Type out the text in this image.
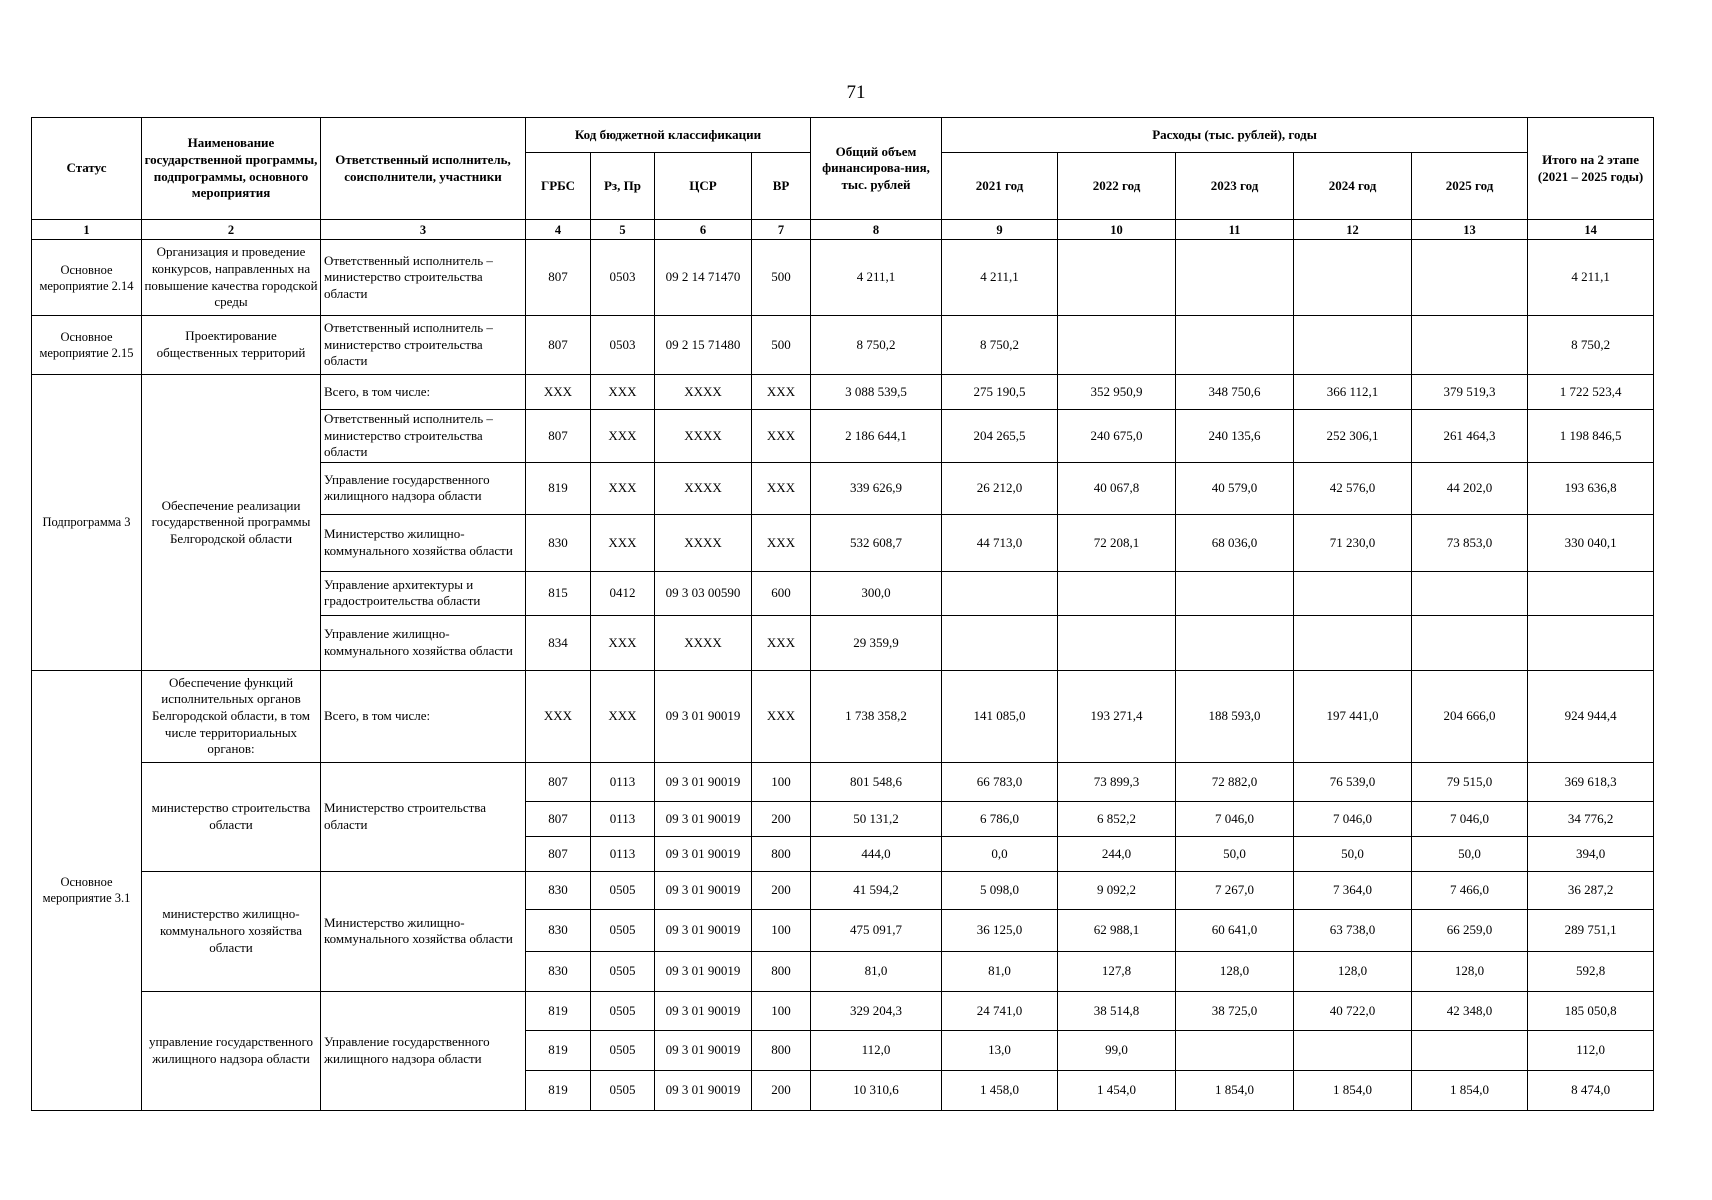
71
Статус	Наименование государственной программы, подпрограммы, основного мероприятия	Ответственный исполнитель, соисполнители, участники	Код бюджетной классификации				Общий объем финансирова-ния, тыс. рублей	Расходы (тыс. рублей), годы					Итого на 2 этапе (2021 – 2025 годы)
			ГРБС	Рз, Пр	ЦСР	ВР		2021 год	2022 год	2023 год	2024 год	2025 год	
1	2	3	4	5	6	7	8	9	10	11	12	13	14
Основное мероприятие 2.14	Организация и проведение конкурсов, направленных на повышение качества городской среды	Ответственный исполнитель – министерство строительства области	807	0503	09 2 14 71470	500	4 211,1	4 211,1					4 211,1
Основное мероприятие 2.15	Проектирование общественных территорий	Ответственный исполнитель – министерство строительства области	807	0503	09 2 15 71480	500	8 750,2	8 750,2					8 750,2
Подпрограмма 3	Обеспечение реализации государственной программы Белгородской области	Всего, в том числе:	ХХХ	ХХХ	ХХХХ	ХХХ	3 088 539,5	275 190,5	352 950,9	348 750,6	366 112,1	379 519,3	1 722 523,4
		Ответственный исполнитель – министерство строительства области	807	ХХХ	ХХХХ	ХХХ	2 186 644,1	204 265,5	240 675,0	240 135,6	252 306,1	261 464,3	1 198 846,5
		Управление государственного жилищного надзора области	819	ХХХ	ХХХХ	ХХХ	339 626,9	26 212,0	40 067,8	40 579,0	42 576,0	44 202,0	193 636,8
		Министерство жилищно-коммунального хозяйства области	830	ХХХ	ХХХХ	ХХХ	532 608,7	44 713,0	72 208,1	68 036,0	71 230,0	73 853,0	330 040,1
		Управление архитектуры и градостроительства области	815	0412	09 3 03 00590	600	300,0						
		Управление жилищно-коммунального хозяйства области	834	ХХХ	ХХХХ	ХХХ	29 359,9						
Основное мероприятие 3.1	Обеспечение функций исполнительных органов Белгородской области, в том числе территориальных органов:	Всего, в том числе:	ХХХ	ХХХ	09 3 01 90019	ХХХ	1 738 358,2	141 085,0	193 271,4	188 593,0	197 441,0	204 666,0	924 944,4
	министерство строительства области	Министерство строительства области	807	0113	09 3 01 90019	100	801 548,6	66 783,0	73 899,3	72 882,0	76 539,0	79 515,0	369 618,3
			807	0113	09 3 01 90019	200	50 131,2	6 786,0	6 852,2	7 046,0	7 046,0	7 046,0	34 776,2
			807	0113	09 3 01 90019	800	444,0	0,0	244,0	50,0	50,0	50,0	394,0
	министерство жилищно-коммунального хозяйства области	Министерство жилищно-коммунального хозяйства области	830	0505	09 3 01 90019	200	41 594,2	5 098,0	9 092,2	7 267,0	7 364,0	7 466,0	36 287,2
			830	0505	09 3 01 90019	100	475 091,7	36 125,0	62 988,1	60 641,0	63 738,0	66 259,0	289 751,1
			830	0505	09 3 01 90019	800	81,0	81,0	127,8	128,0	128,0	128,0	592,8
	управление государственного жилищного надзора области	Управление государственного жилищного надзора области	819	0505	09 3 01 90019	100	329 204,3	24 741,0	38 514,8	38 725,0	40 722,0	42 348,0	185 050,8
			819	0505	09 3 01 90019	800	112,0	13,0	99,0				112,0
			819	0505	09 3 01 90019	200	10 310,6	1 458,0	1 454,0	1 854,0	1 854,0	1 854,0	8 474,0
